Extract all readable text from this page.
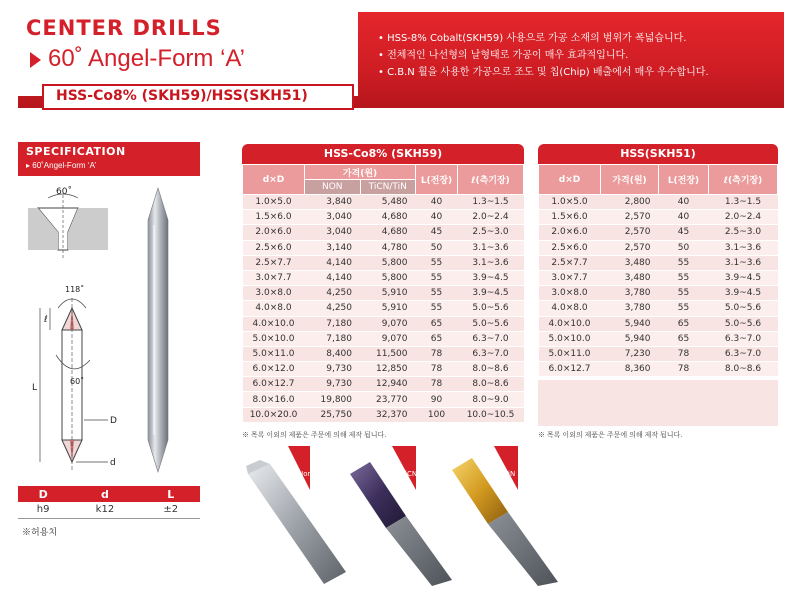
CENTER DRILLS
60˚ Angel-Form ‘A’
HSS-Co8% (SKH59)/HSS(SKH51)
• HSS-8% Cobalt(SKH59) 사용으로 가공 소재의 범위가 폭넓습니다.
• 전체적인 나선형의 날형태로 가공이 매우 효과적입니다.
• C.B.N 휠을 사용한 가공으로 조도 및 칩(Chip) 배출에서 매우 우수합니다.
SPECIFICATION
▸ 60˚Angel-Form ‘A’
60˚
118˚
60˚
ℓ
L
D
d
D	d	L
h9	k12	±2
※허용치
HSS-Co8% (SKH59)
d×D	가격(원)		L(전장)	ℓ(측기장)
	NON	TiCN/TiN		
1.0×5.0	3,840	5,480	40	1.3~1.5
1.5×6.0	3,040	4,680	40	2.0~2.4
2.0×6.0	3,040	4,680	45	2.5~3.0
2.5×6.0	3,140	4,780	50	3.1~3.6
2.5×7.7	4,140	5,800	55	3.1~3.6
3.0×7.7	4,140	5,800	55	3.9~4.5
3.0×8.0	4,250	5,910	55	3.9~4.5
4.0×8.0	4,250	5,910	55	5.0~5.6
4.0×10.0	7,180	9,070	65	5.0~5.6
5.0×10.0	7,180	9,070	65	6.3~7.0
5.0×11.0	8,400	11,500	78	6.3~7.0
6.0×12.0	9,730	12,850	78	8.0~8.6
6.0×12.7	9,730	12,940	78	8.0~8.6
8.0×16.0	19,800	23,770	90	8.0~9.0
10.0×20.0	25,750	32,370	100	10.0~10.5
※ 목록 이외의 제품은 주문에 의해 제작 됩니다.
HSS(SKH51)
d×D	가격(원)	L(전장)	ℓ(측기장)
1.0×5.0	2,800	40	1.3~1.5
1.5×6.0	2,570	40	2.0~2.4
2.0×6.0	2,570	45	2.5~3.0
2.5×6.0	2,570	50	3.1~3.6
2.5×7.7	3,480	55	3.1~3.6
3.0×7.7	3,480	55	3.9~4.5
3.0×8.0	3,780	55	3.9~4.5
4.0×8.0	3,780	55	5.0~5.6
4.0×10.0	5,940	65	5.0~5.6
5.0×10.0	5,940	65	6.3~7.0
5.0×11.0	7,230	78	6.3~7.0
6.0×12.7	8,360	78	8.0~8.6
※ 목록 이외의 제품은 주문에 의해 제작 됩니다.
Non	TiCN	TiN
